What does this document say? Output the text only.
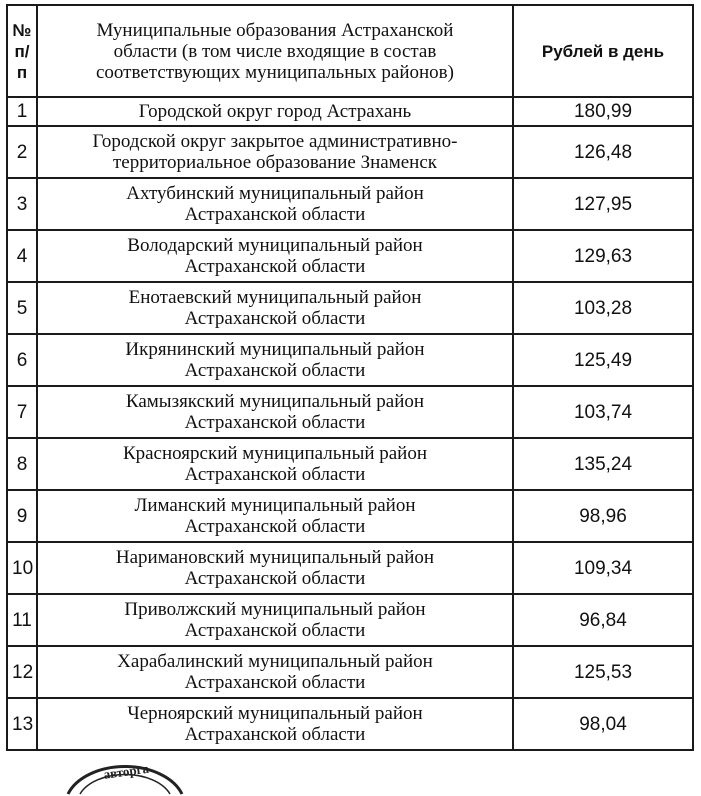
№
п/п	Муниципальные образования Астраханской
области (в том числе входящие в состав
соответствующих муниципальных районов)	Рублей в день
1	Городской округ город Астрахань	180,99
2	Городской округ закрытое административно-
территориальное образование Знаменск	126,48
3	Ахтубинский муниципальный район
Астраханской области	127,95
4	Володарский муниципальный район
Астраханской области	129,63
5	Енотаевский муниципальный район
Астраханской области	103,28
6	Икрянинский муниципальный район
Астраханской области	125,49
7	Камызякский муниципальный район
Астраханской области	103,74
8	Красноярский муниципальный район
Астраханской области	135,24
9	Лиманский муниципальный район
Астраханской области	98,96
10	Наримановский муниципальный район
Астраханской области	109,34
11	Приволжский муниципальный район
Астраханской области	96,84
12	Харабалинский муниципальный район
Астраханской области	125,53
13	Черноярский муниципальный район
Астраханской области	98,04
авторга
